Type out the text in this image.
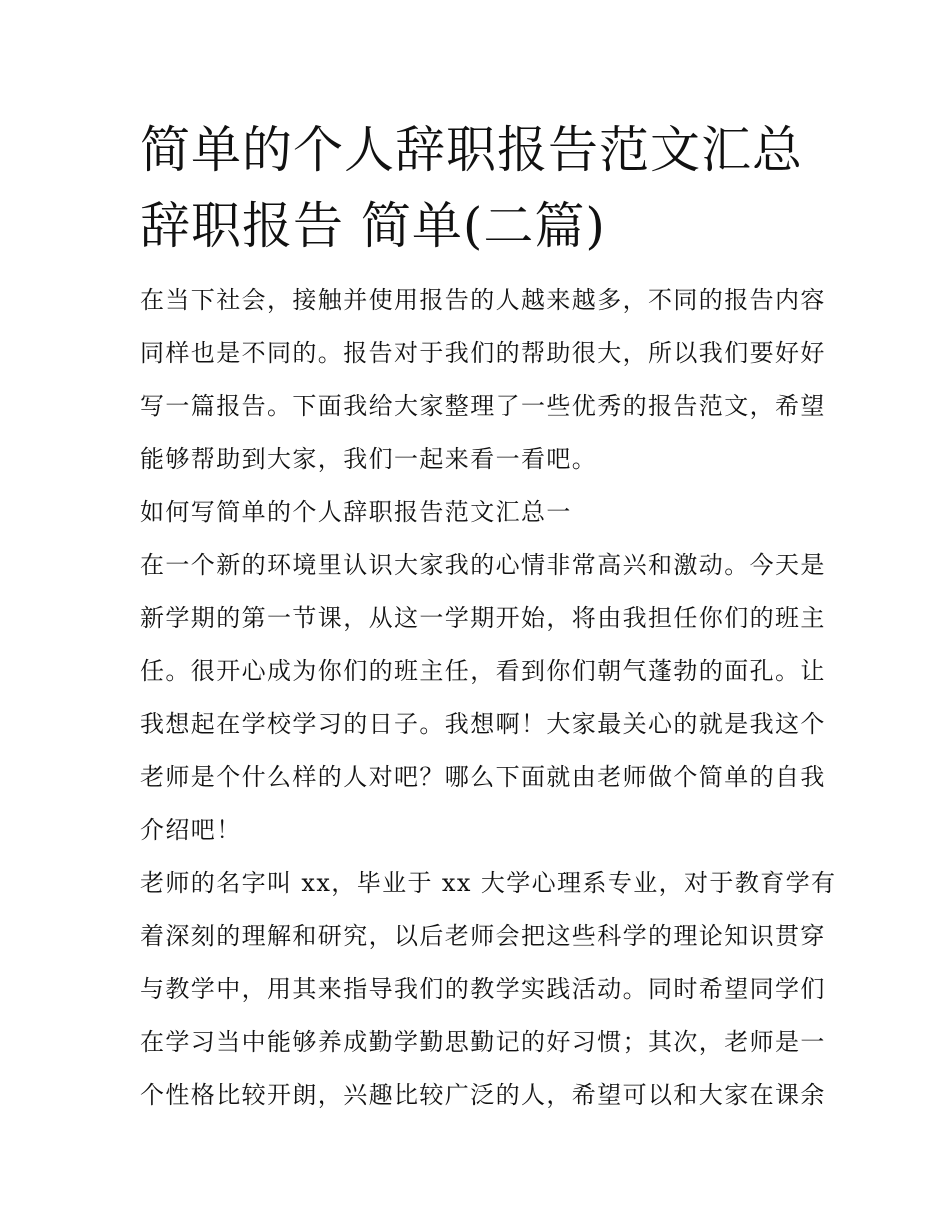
简单的个人辞职报告范文汇总
辞职报告 简单(二篇)

在当下社会，接触并使用报告的人越来越多，不同的报告内容
同样也是不同的。报告对于我们的帮助很大，所以我们要好好
写一篇报告。下面我给大家整理了一些优秀的报告范文，希望
能够帮助到大家，我们一起来看一看吧。

如何写简单的个人辞职报告范文汇总一

在一个新的环境里认识大家我的心情非常高兴和激动。今天是
新学期的第一节课，从这一学期开始，将由我担任你们的班主
任。很开心成为你们的班主任，看到你们朝气蓬勃的面孔。让
我想起在学校学习的日子。我想啊！大家最关心的就是我这个
老师是个什么样的人对吧？哪么下面就由老师做个简单的自我
介绍吧！

老师的名字叫 xx，毕业于 xx 大学心理系专业，对于教育学有
着深刻的理解和研究，以后老师会把这些科学的理论知识贯穿
与教学中，用其来指导我们的教学实践活动。同时希望同学们
在学习当中能够养成勤学勤思勤记的好习惯；其次，老师是一
个性格比较开朗，兴趣比较广泛的人，希望可以和大家在课余
